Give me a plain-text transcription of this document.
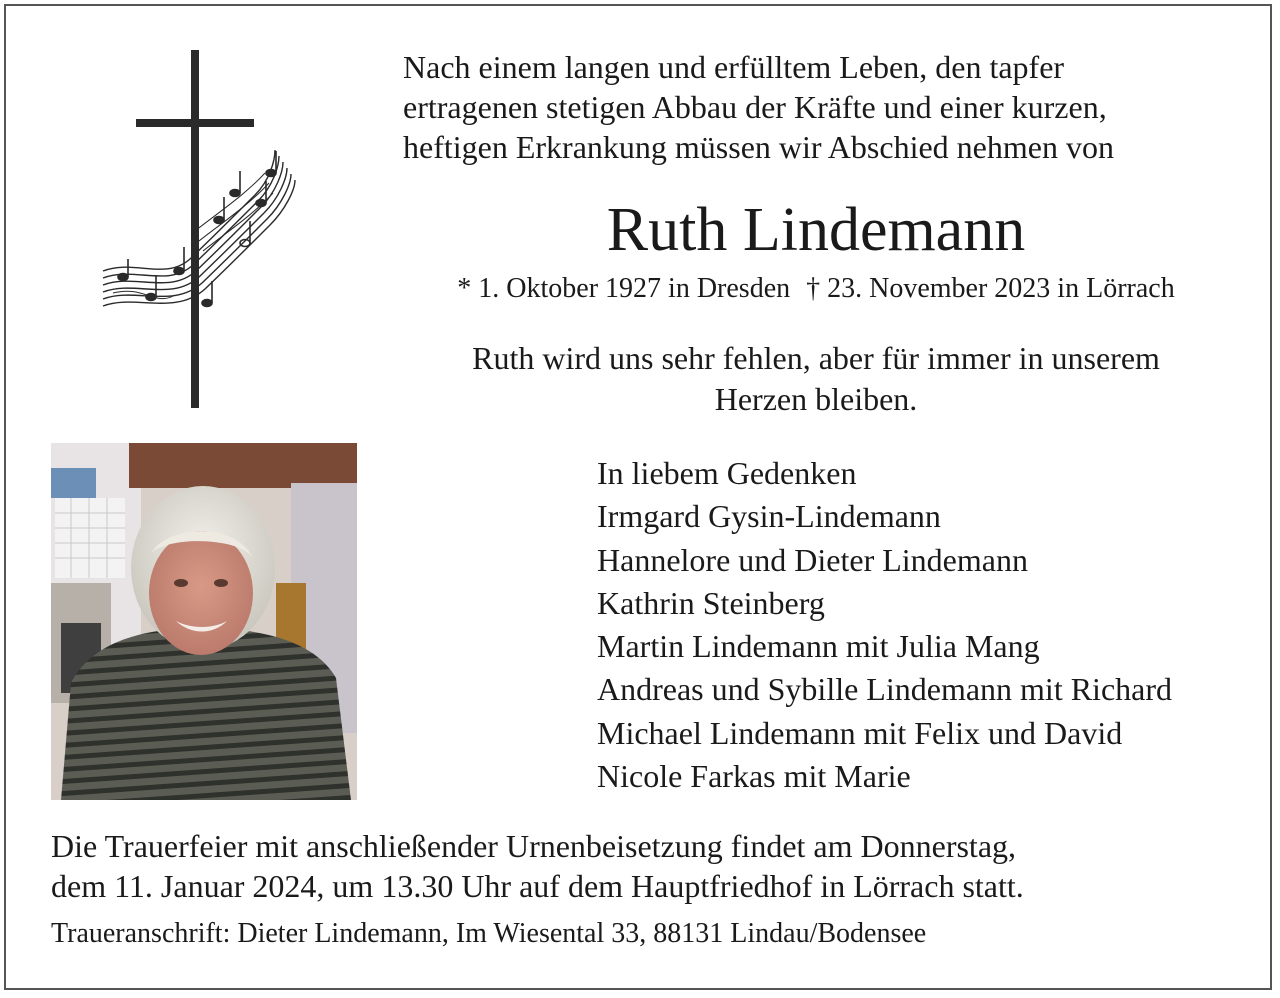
Nach einem langen und erfülltem Leben, den tapfer
ertragenen stetigen Abbau der Kräfte und einer kurzen,
heftigen Erkrankung müssen wir Abschied nehmen von
Ruth Lindemann
* 1. Oktober 1927 in Dresden † 23. November 2023 in Lörrach
Ruth wird uns sehr fehlen, aber für immer in unserem
Herzen bleiben.
In liebem Gedenken
Irmgard Gysin-Lindemann
Hannelore und Dieter Lindemann
Kathrin Steinberg
Martin Lindemann mit Julia Mang
Andreas und Sybille Lindemann mit Richard
Michael Lindemann mit Felix und David
Nicole Farkas mit Marie
Die Trauerfeier mit anschließender Urnenbeisetzung findet am Donnerstag,
dem 11. Januar 2024, um 13.30 Uhr auf dem Hauptfriedhof in Lörrach statt.
Traueranschrift: Dieter Lindemann, Im Wiesental 33, 88131 Lindau/Bodensee
